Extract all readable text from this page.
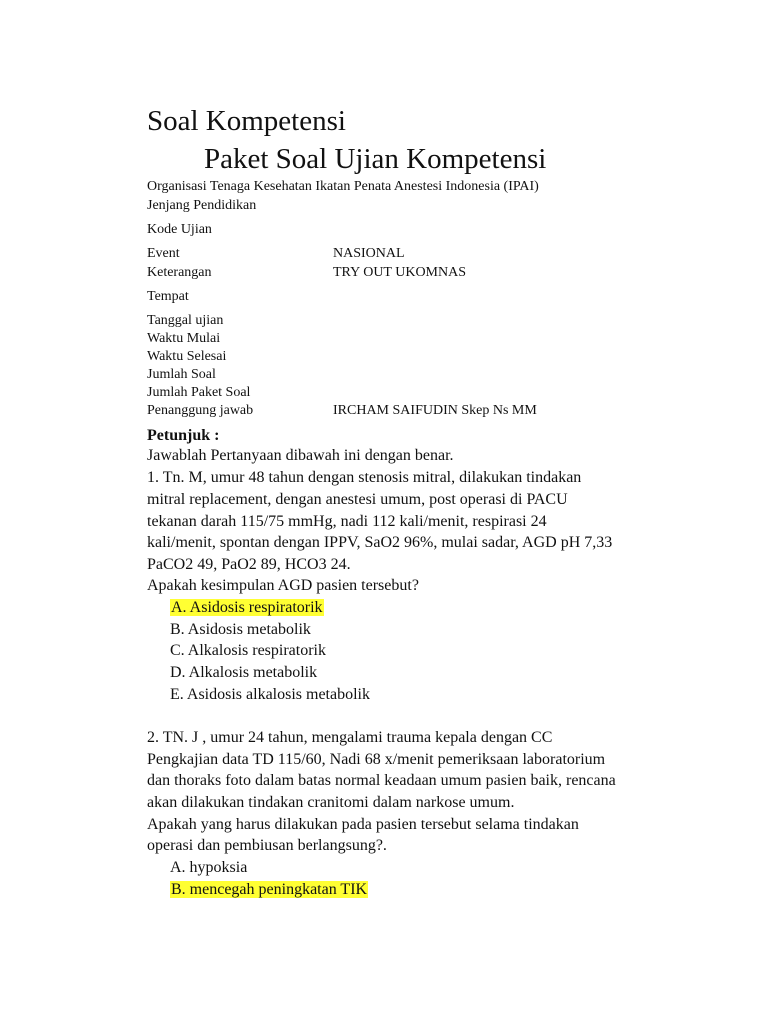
Soal Kompetensi
Paket Soal Ujian Kompetensi
Organisasi Tenaga Kesehatan Ikatan Penata Anestesi Indonesia (IPAI)
Jenjang Pendidikan
Kode Ujian
Event	NASIONAL
Keterangan	TRY OUT UKOMNAS
Tempat
Tanggal ujian
Waktu Mulai
Waktu Selesai
Jumlah Soal
Jumlah Paket Soal
Penanggung jawab	IRCHAM SAIFUDIN Skep Ns MM
Petunjuk :
Jawablah Pertanyaan dibawah ini dengan benar.
1. Tn. M, umur 48 tahun dengan stenosis mitral, dilakukan tindakan
mitral replacement, dengan anestesi umum, post operasi di PACU
tekanan darah 115/75 mmHg, nadi 112 kali/menit, respirasi 24
kali/menit, spontan dengan IPPV, SaO2 96%, mulai sadar, AGD pH 7,33
PaCO2 49, PaO2 89, HCO3 24.
Apakah kesimpulan AGD pasien tersebut?
A. Asidosis respiratorik
B. Asidosis metabolik
C. Alkalosis respiratorik
D. Alkalosis metabolik
E. Asidosis alkalosis metabolik
2. TN. J , umur 24 tahun, mengalami trauma kepala dengan CC
Pengkajian data TD 115/60, Nadi 68 x/menit pemeriksaan laboratorium
dan thoraks foto dalam batas normal keadaan umum pasien baik, rencana
akan dilakukan tindakan cranitomi dalam narkose umum.
Apakah yang harus dilakukan pada pasien tersebut selama tindakan
operasi dan pembiusan berlangsung?.
A. hypoksia
B. mencegah peningkatan TIK
